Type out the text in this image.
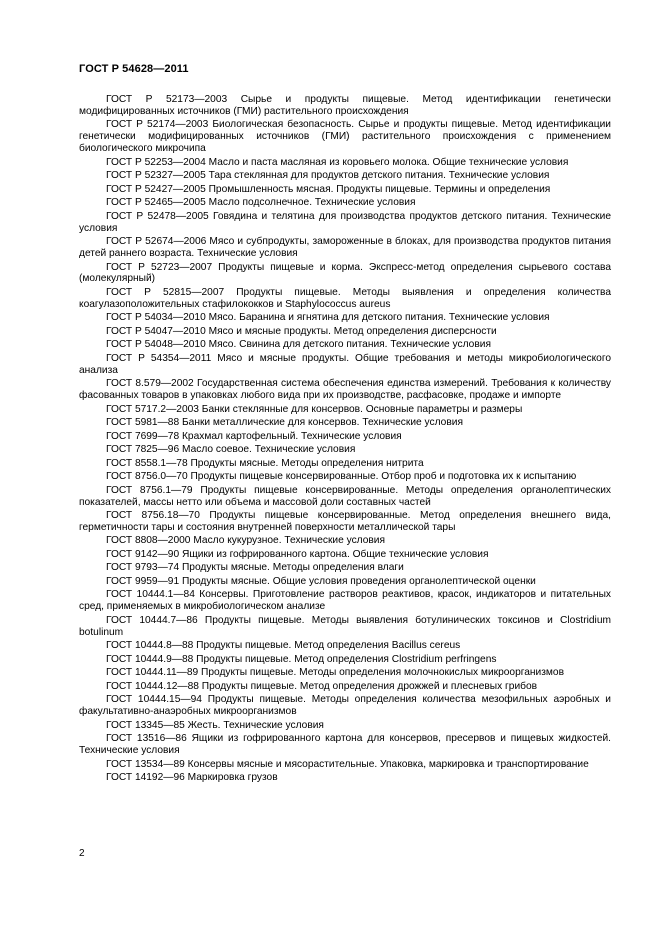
ГОСТ Р 54628—2011

ГОСТ Р 52173—2003 Сырье и продукты пищевые. Метод идентификации генетически модифицированных источников (ГМИ) растительного происхождения

ГОСТ Р 52174—2003 Биологическая безопасность. Сырье и продукты пищевые. Метод идентификации генетически модифицированных источников (ГМИ) растительного происхождения с применением биологического микрочипа

ГОСТ Р 52253—2004 Масло и паста масляная из коровьего молока. Общие технические условия

ГОСТ Р 52327—2005 Тара стеклянная для продуктов детского питания. Технические условия

ГОСТ Р 52427—2005 Промышленность мясная. Продукты пищевые. Термины и определения

ГОСТ Р 52465—2005 Масло подсолнечное. Технические условия

ГОСТ Р 52478—2005 Говядина и телятина для производства продуктов детского питания. Технические условия

ГОСТ Р 52674—2006 Мясо и субпродукты, замороженные в блоках, для производства продуктов питания детей раннего возраста. Технические условия

ГОСТ Р 52723—2007 Продукты пищевые и корма. Экспресс-метод определения сырьевого состава (молекулярный)

ГОСТ Р 52815—2007 Продукты пищевые. Методы выявления и определения количества коагулазоположительных стафилококков и Staphylococcus aureus

ГОСТ Р 54034—2010 Мясо. Баранина и ягнятина для детского питания. Технические условия

ГОСТ Р 54047—2010 Мясо и мясные продукты. Метод определения дисперсности

ГОСТ Р 54048—2010 Мясо. Свинина для детского питания. Технические условия

ГОСТ Р 54354—2011 Мясо и мясные продукты. Общие требования и методы микробиологического анализа

ГОСТ 8.579—2002 Государственная система обеспечения единства измерений. Требования к количеству фасованных товаров в упаковках любого вида при их производстве, расфасовке, продаже и импорте

ГОСТ 5717.2—2003 Банки стеклянные для консервов. Основные параметры и размеры

ГОСТ 5981—88 Банки металлические для консервов. Технические условия

ГОСТ 7699—78 Крахмал картофельный. Технические условия

ГОСТ 7825—96 Масло соевое. Технические условия

ГОСТ 8558.1—78 Продукты мясные. Методы определения нитрита

ГОСТ 8756.0—70 Продукты пищевые консервированные. Отбор проб и подготовка их к испытанию

ГОСТ 8756.1—79 Продукты пищевые консервированные. Методы определения органолептических показателей, массы нетто или объема и массовой доли составных частей

ГОСТ 8756.18—70 Продукты пищевые консервированные. Метод определения внешнего вида, герметичности тары и состояния внутренней поверхности металлической тары

ГОСТ 8808—2000 Масло кукурузное. Технические условия

ГОСТ 9142—90 Ящики из гофрированного картона. Общие технические условия

ГОСТ 9793—74 Продукты мясные. Методы определения влаги

ГОСТ 9959—91 Продукты мясные. Общие условия проведения органолептической оценки

ГОСТ 10444.1—84 Консервы. Приготовление растворов реактивов, красок, индикаторов и питательных сред, применяемых в микробиологическом анализе

ГОСТ 10444.7—86 Продукты пищевые. Методы выявления ботулинических токсинов и Clostridium botulinum

ГОСТ 10444.8—88 Продукты пищевые. Метод определения Bacillus cereus

ГОСТ 10444.9—88 Продукты пищевые. Метод определения Clostridium perfringens

ГОСТ 10444.11—89 Продукты пищевые. Методы определения молочнокислых микроорганизмов

ГОСТ 10444.12—88 Продукты пищевые. Метод определения дрожжей и плесневых грибов

ГОСТ 10444.15—94 Продукты пищевые. Методы определения количества мезофильных аэробных и факультативно-анаэробных микроорганизмов

ГОСТ 13345—85 Жесть. Технические условия

ГОСТ 13516—86 Ящики из гофрированного картона для консервов, пресервов и пищевых жидкостей. Технические условия

ГОСТ 13534—89 Консервы мясные и мясорастительные. Упаковка, маркировка и транспортирование

ГОСТ 14192—96 Маркировка грузов

2
